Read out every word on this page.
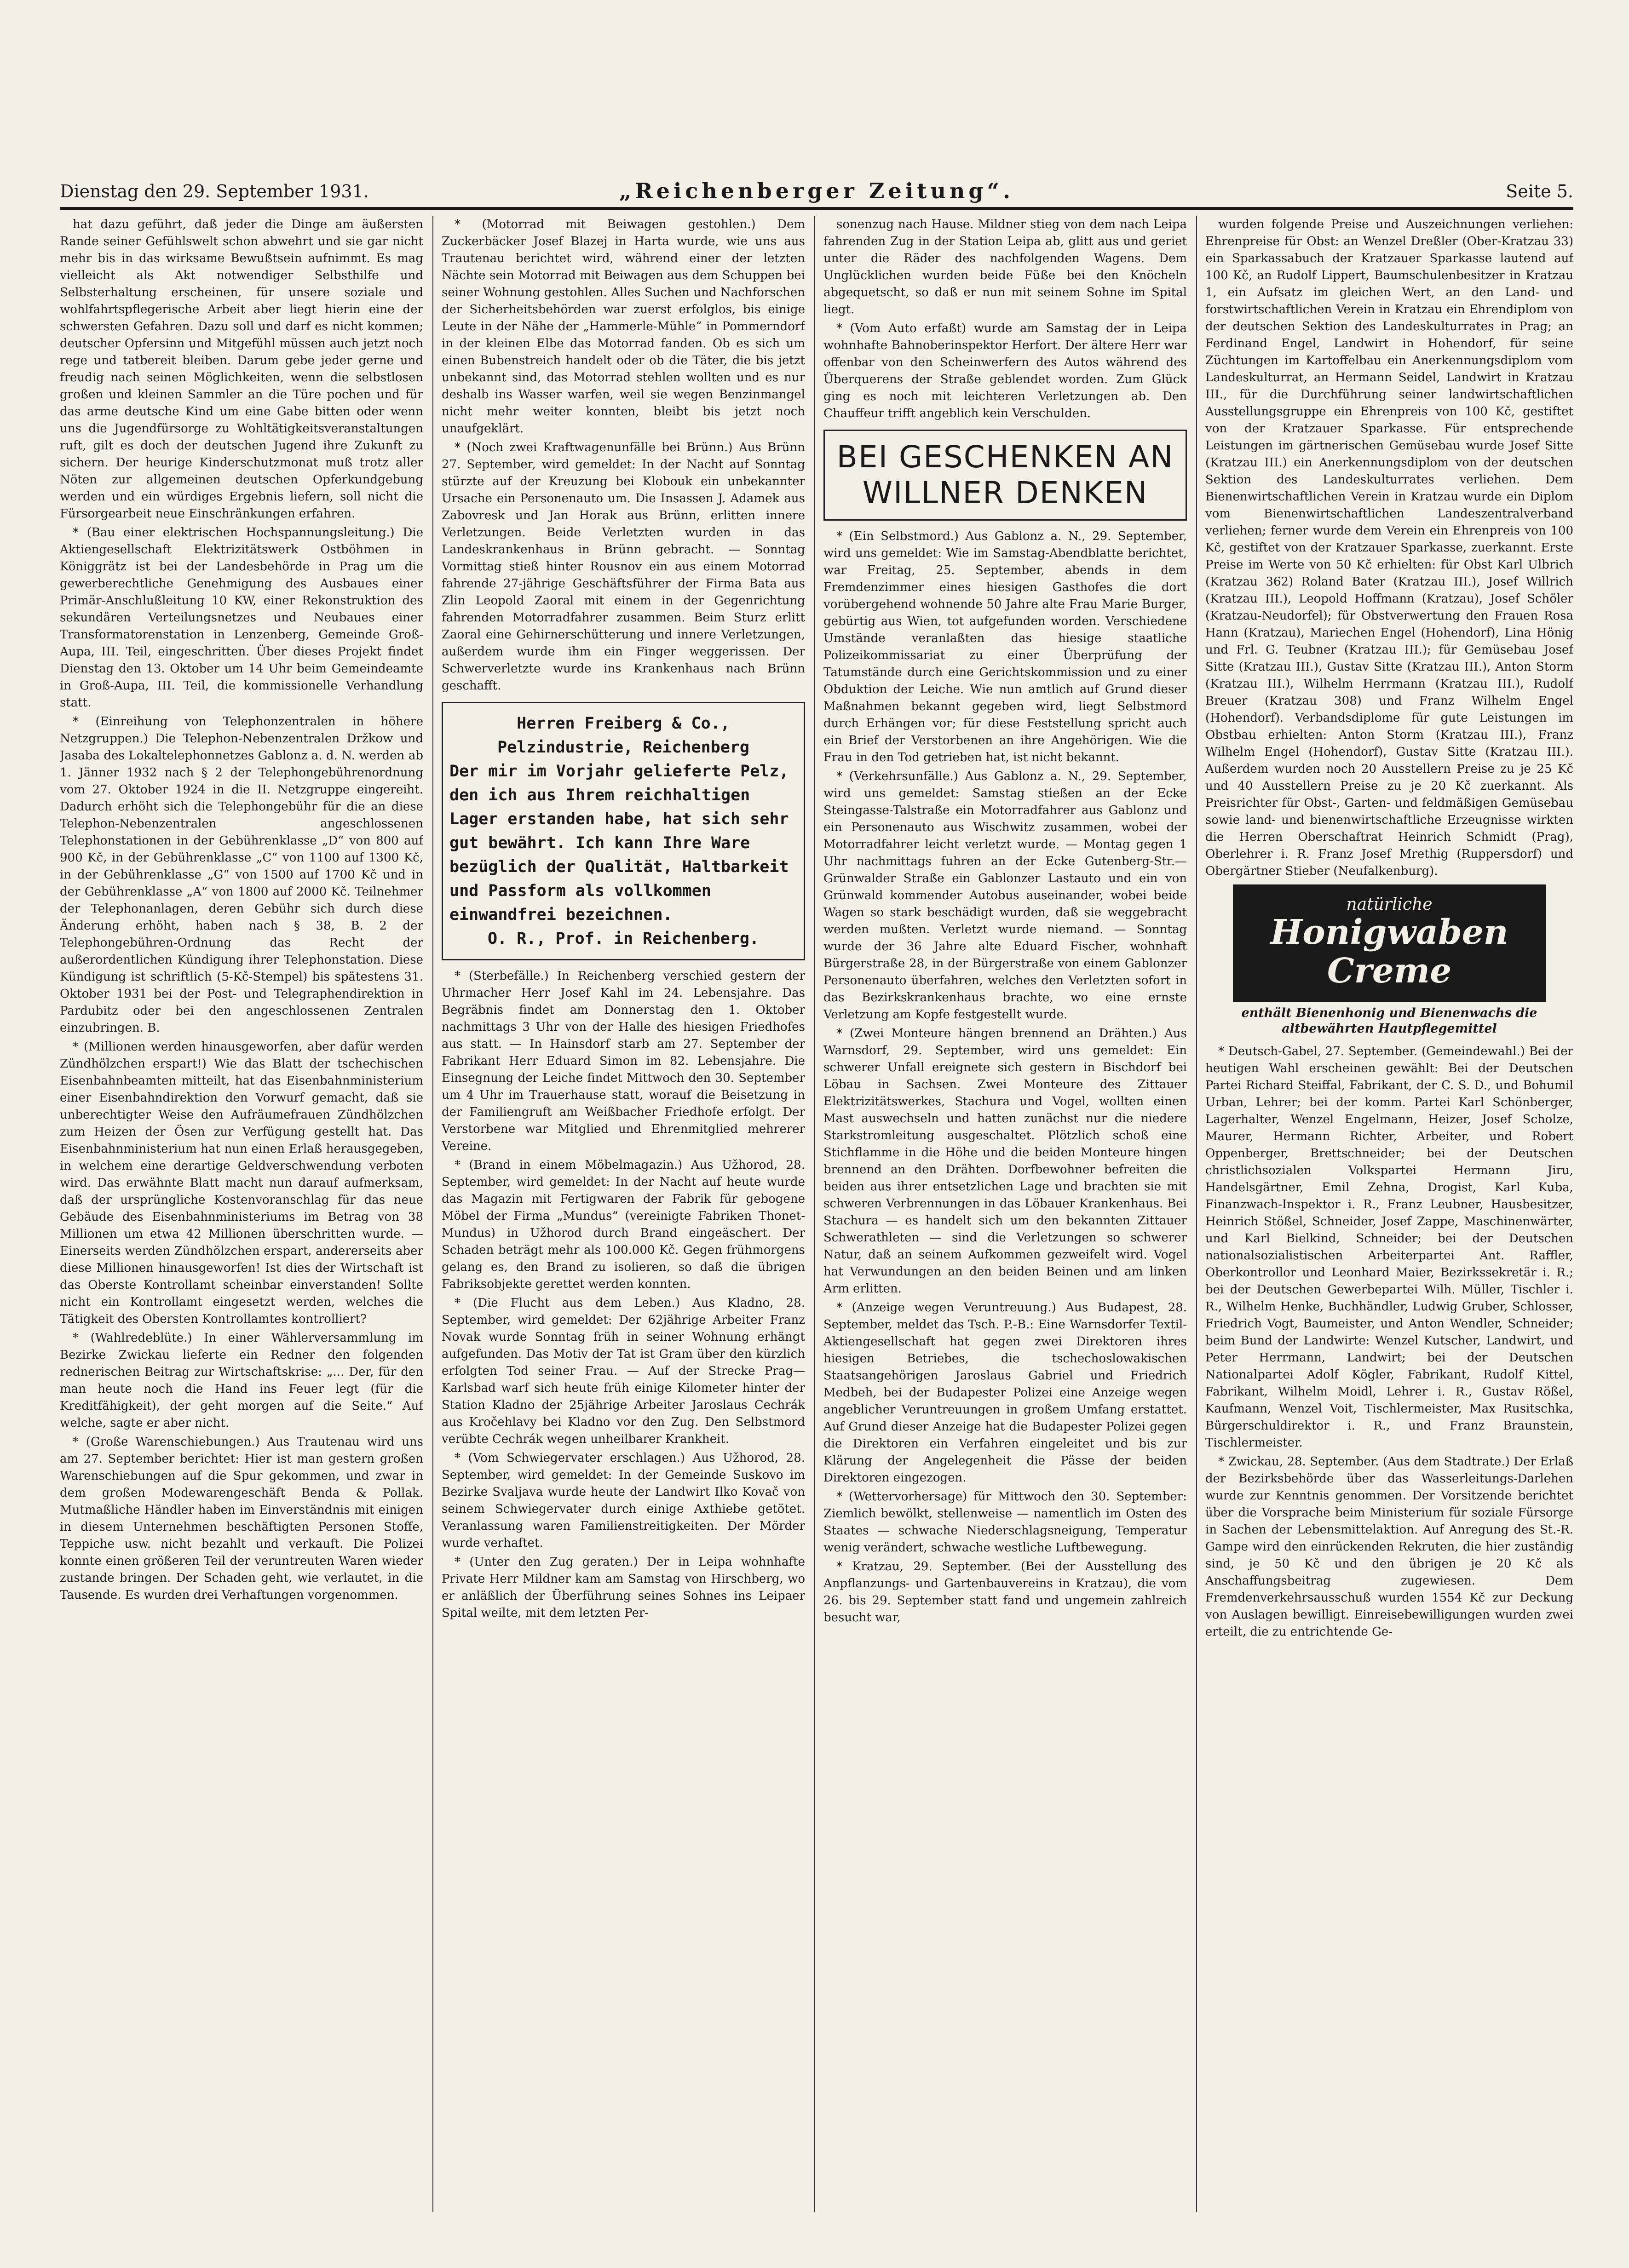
Dienstag den 29. September 1931.	„Reichenberger Zeitung“.	Seite 5.

hat dazu geführt, daß jeder die Dinge am äußersten Rande seiner Gefühlswelt schon abwehrt und sie gar nicht mehr bis in das wirksame Bewußtsein aufnimmt. Es mag vielleicht als Akt notwendiger Selbsthilfe und Selbsterhaltung erscheinen, für unsere soziale und wohlfahrtspflegerische Arbeit aber liegt hierin eine der schwersten Gefahren. Dazu soll und darf es nicht kommen; deutscher Opfersinn und Mitgefühl müssen auch jetzt noch rege und tatbereit bleiben. Darum gebe jeder gerne und freudig nach seinen Möglichkeiten, wenn die selbstlosen großen und kleinen Sammler an die Türe pochen und für das arme deutsche Kind um eine Gabe bitten oder wenn uns die Jugendfürsorge zu Wohltätigkeitsveranstaltungen ruft, gilt es doch der deutschen Jugend ihre Zukunft zu sichern. Der heurige Kinderschutzmonat muß trotz aller Nöten zur allgemeinen deutschen Opferkundgebung werden und ein würdiges Ergebnis liefern, soll nicht die Fürsorgearbeit neue Einschränkungen erfahren.

* (Bau einer elektrischen Hochspannungsleitung.) Die Aktiengesellschaft Elektrizitätswerk Ostböhmen in Königgrätz ist bei der Landesbehörde in Prag um die gewerberechtliche Genehmigung des Ausbaues einer Primär-Anschlußleitung 10 KW, einer Rekonstruktion des sekundären Verteilungsnetzes und Neubaues einer Transformatorenstation in Lenzenberg, Gemeinde Groß-Aupa, III. Teil, eingeschritten. Über dieses Projekt findet Dienstag den 13. Oktober um 14 Uhr beim Gemeindeamte in Groß-Aupa, III. Teil, die kommissionelle Verhandlung statt.

* (Einreihung von Telephonzentralen in höhere Netzgruppen.) Die Telephon-Nebenzentralen Držkow und Jasaba des Lokaltelephonnetzes Gablonz a. d. N. werden ab 1. Jänner 1932 nach § 2 der Telephongebührenordnung vom 27. Oktober 1924 in die II. Netzgruppe eingereiht. Dadurch erhöht sich die Telephongebühr für die an diese Telephon-Nebenzentralen angeschlossenen Telephonstationen in der Gebührenklasse „D“ von 800 auf 900 Kč, in der Gebührenklasse „C“ von 1100 auf 1300 Kč, in der Gebührenklasse „G“ von 1500 auf 1700 Kč und in der Gebührenklasse „A“ von 1800 auf 2000 Kč. Teilnehmer der Telephonanlagen, deren Gebühr sich durch diese Änderung erhöht, haben nach § 38, B. 2 der Telephongebühren-Ordnung das Recht der außerordentlichen Kündigung ihrer Telephonstation. Diese Kündigung ist schriftlich (5-Kč-Stempel) bis spätestens 31. Oktober 1931 bei der Post- und Telegraphendirektion in Pardubitz oder bei den angeschlossenen Zentralen einzubringen. B.

* (Millionen werden hinausgeworfen, aber dafür werden Zündhölzchen erspart!) Wie das Blatt der tschechischen Eisenbahnbeamten mitteilt, hat das Eisenbahnministerium einer Eisenbahndirektion den Vorwurf gemacht, daß sie unberechtigter Weise den Aufräumefrauen Zündhölzchen zum Heizen der Ösen zur Verfügung gestellt hat. Das Eisenbahnministerium hat nun einen Erlaß herausgegeben, in welchem eine derartige Geldverschwendung verboten wird. Das erwähnte Blatt macht nun darauf aufmerksam, daß der ursprüngliche Kostenvoranschlag für das neue Gebäude des Eisenbahnministeriums im Betrag von 38 Millionen um etwa 42 Millionen überschritten wurde. — Einerseits werden Zündhölzchen erspart, andererseits aber diese Millionen hinausgeworfen! Ist dies der Wirtschaft ist das Oberste Kontrollamt scheinbar einverstanden! Sollte nicht ein Kontrollamt eingesetzt werden, welches die Tätigkeit des Obersten Kontrollamtes kontrolliert?

* (Wahlredeblüte.) In einer Wählerversammlung im Bezirke Zwickau lieferte ein Redner den folgenden rednerischen Beitrag zur Wirtschaftskrise: „... Der, für den man heute noch die Hand ins Feuer legt (für die Kreditfähigkeit), der geht morgen auf die Seite.“ Auf welche, sagte er aber nicht.

* (Große Warenschiebungen.) Aus Trautenau wird uns am 27. September berichtet: Hier ist man gestern großen Warenschiebungen auf die Spur gekommen, und zwar in dem großen Modewarengeschäft Benda & Pollak. Mutmaßliche Händler haben im Einverständnis mit einigen in diesem Unternehmen beschäftigten Personen Stoffe, Teppiche usw. nicht bezahlt und verkauft. Die Polizei konnte einen größeren Teil der veruntreuten Waren wieder zustande bringen. Der Schaden geht, wie verlautet, in die Tausende. Es wurden drei Verhaftungen vorgenommen.

* (Motorrad mit Beiwagen gestohlen.) Dem Zuckerbäcker Josef Blazej in Harta wurde, wie uns aus Trautenau berichtet wird, während einer der letzten Nächte sein Motorrad mit Beiwagen aus dem Schuppen bei seiner Wohnung gestohlen. Alles Suchen und Nachforschen der Sicherheitsbehörden war zuerst erfolglos, bis einige Leute in der Nähe der „Hammerle-Mühle“ in Pommerndorf in der kleinen Elbe das Motorrad fanden. Ob es sich um einen Bubenstreich handelt oder ob die Täter, die bis jetzt unbekannt sind, das Motorrad stehlen wollten und es nur deshalb ins Wasser warfen, weil sie wegen Benzinmangel nicht mehr weiter konnten, bleibt bis jetzt noch unaufgeklärt.

* (Noch zwei Kraftwagenunfälle bei Brünn.) Aus Brünn 27. September, wird gemeldet: In der Nacht auf Sonntag stürzte auf der Kreuzung bei Klobouk ein unbekannter Ursache ein Personenauto um. Die Insassen J. Adamek aus Zabovresk und Jan Horak aus Brünn, erlitten innere Verletzungen. Beide Verletzten wurden in das Landeskrankenhaus in Brünn gebracht. — Sonntag Vormittag stieß hinter Rousnov ein aus einem Motorrad fahrende 27-jährige Geschäftsführer der Firma Bata aus Zlin Leopold Zaoral mit einem in der Gegenrichtung fahrenden Motorradfahrer zusammen. Beim Sturz erlitt Zaoral eine Gehirnerschütterung und innere Verletzungen, außerdem wurde ihm ein Finger weggerissen. Der Schwerverletzte wurde ins Krankenhaus nach Brünn geschafft.

Herren Freiberg & Co., Pelzindustrie, Reichenberg
Der mir im Vorjahr gelieferte Pelz, den ich aus Ihrem reichhaltigen Lager erstanden habe, hat sich sehr gut bewährt. Ich kann Ihre Ware bezüglich der Qualität, Haltbarkeit und Passform als vollkommen einwandfrei bezeichnen.
O. R., Prof. in Reichenberg.

* (Sterbefälle.) In Reichenberg verschied gestern der Uhrmacher Herr Josef Kahl im 24. Lebensjahre. Das Begräbnis findet am Donnerstag den 1. Oktober nachmittags 3 Uhr von der Halle des hiesigen Friedhofes aus statt. — In Hainsdorf starb am 27. September der Fabrikant Herr Eduard Simon im 82. Lebensjahre. Die Einsegnung der Leiche findet Mittwoch den 30. September um 4 Uhr im Trauerhause statt, worauf die Beisetzung in der Familiengruft am Weißbacher Friedhofe erfolgt. Der Verstorbene war Mitglied und Ehrenmitglied mehrerer Vereine.

* (Brand in einem Möbelmagazin.) Aus Užhorod, 28. September, wird gemeldet: In der Nacht auf heute wurde das Magazin mit Fertigwaren der Fabrik für gebogene Möbel der Firma „Mundus“ (vereinigte Fabriken Thonet-Mundus) in Užhorod durch Brand eingeäschert. Der Schaden beträgt mehr als 100.000 Kč. Gegen frühmorgens gelang es, den Brand zu isolieren, so daß die übrigen Fabriksobjekte gerettet werden konnten.

* (Die Flucht aus dem Leben.) Aus Kladno, 28. September, wird gemeldet: Der 62jährige Arbeiter Franz Novak wurde Sonntag früh in seiner Wohnung erhängt aufgefunden. Das Motiv der Tat ist Gram über den kürzlich erfolgten Tod seiner Frau. — Auf der Strecke Prag—Karlsbad warf sich heute früh einige Kilometer hinter der Station Kladno der 25jährige Arbeiter Jaroslaus Cechrák aus Kročehlavy bei Kladno vor den Zug. Den Selbstmord verübte Cechrák wegen unheilbarer Krankheit.

* (Vom Schwiegervater erschlagen.) Aus Užhorod, 28. September, wird gemeldet: In der Gemeinde Suskovo im Bezirke Svaljava wurde heute der Landwirt Ilko Kovač von seinem Schwiegervater durch einige Axthiebe getötet. Veranlassung waren Familienstreitigkeiten. Der Mörder wurde verhaftet.

* (Unter den Zug geraten.) Der in Leipa wohnhafte Private Herr Mildner kam am Samstag von Hirschberg, wo er anläßlich der Überführung seines Sohnes ins Leipaer Spital weilte, mit dem letzten Per-

sonenzug nach Hause. Mildner stieg von dem nach Leipa fahrenden Zug in der Station Leipa ab, glitt aus und geriet unter die Räder des nachfolgenden Wagens. Dem Unglücklichen wurden beide Füße bei den Knöcheln abgequetscht, so daß er nun mit seinem Sohne im Spital liegt.

* (Vom Auto erfaßt) wurde am Samstag der in Leipa wohnhafte Bahnoberinspektor Herfort. Der ältere Herr war offenbar von den Scheinwerfern des Autos während des Überquerens der Straße geblendet worden. Zum Glück ging es noch mit leichteren Verletzungen ab. Den Chauffeur trifft angeblich kein Verschulden.

BEI GESCHENKEN AN WILLNER DENKEN

* (Ein Selbstmord.) Aus Gablonz a. N., 29. September, wird uns gemeldet: Wie im Samstag-Abendblatte berichtet, war Freitag, 25. September, abends in dem Fremdenzimmer eines hiesigen Gasthofes die dort vorübergehend wohnende 50 Jahre alte Frau Marie Burger, gebürtig aus Wien, tot aufgefunden worden. Verschiedene Umstände veranlaßten das hiesige staatliche Polizeikommissariat zu einer Überprüfung der Tatumstände durch eine Gerichtskommission und zu einer Obduktion der Leiche. Wie nun amtlich auf Grund dieser Maßnahmen bekannt gegeben wird, liegt Selbstmord durch Erhängen vor; für diese Feststellung spricht auch ein Brief der Verstorbenen an ihre Angehörigen. Wie die Frau in den Tod getrieben hat, ist nicht bekannt.

* (Verkehrsunfälle.) Aus Gablonz a. N., 29. September, wird uns gemeldet: Samstag stießen an der Ecke Steingasse-Talstraße ein Motorradfahrer aus Gablonz und ein Personenauto aus Wischwitz zusammen, wobei der Motorradfahrer leicht verletzt wurde. — Montag gegen 1 Uhr nachmittags fuhren an der Ecke Gutenberg-Str.—Grünwalder Straße ein Gablonzer Lastauto und ein von Grünwald kommender Autobus auseinander, wobei beide Wagen so stark beschädigt wurden, daß sie weggebracht werden mußten. Verletzt wurde niemand. — Sonntag wurde der 36 Jahre alte Eduard Fischer, wohnhaft Bürgerstraße 28, in der Bürgerstraße von einem Gablonzer Personenauto überfahren, welches den Verletzten sofort in das Bezirkskrankenhaus brachte, wo eine ernste Verletzung am Kopfe festgestellt wurde.

* (Zwei Monteure hängen brennend an Drähten.) Aus Warnsdorf, 29. September, wird uns gemeldet: Ein schwerer Unfall ereignete sich gestern in Bischdorf bei Löbau in Sachsen. Zwei Monteure des Zittauer Elektrizitätswerkes, Stachura und Vogel, wollten einen Mast auswechseln und hatten zunächst nur die niedere Starkstromleitung ausgeschaltet. Plötzlich schoß eine Stichflamme in die Höhe und die beiden Monteure hingen brennend an den Drähten. Dorfbewohner befreiten die beiden aus ihrer entsetzlichen Lage und brachten sie mit schweren Verbrennungen in das Löbauer Krankenhaus. Bei Stachura — es handelt sich um den bekannten Zittauer Schwerathleten — sind die Verletzungen so schwerer Natur, daß an seinem Aufkommen gezweifelt wird. Vogel hat Verwundungen an den beiden Beinen und am linken Arm erlitten.

* (Anzeige wegen Veruntreuung.) Aus Budapest, 28. September, meldet das Tsch. P.-B.: Eine Warnsdorfer Textil-Aktiengesellschaft hat gegen zwei Direktoren ihres hiesigen Betriebes, die tschechoslowakischen Staatsangehörigen Jaroslaus Gabriel und Friedrich Medbeh, bei der Budapester Polizei eine Anzeige wegen angeblicher Veruntreuungen in großem Umfang erstattet. Auf Grund dieser Anzeige hat die Budapester Polizei gegen die Direktoren ein Verfahren eingeleitet und bis zur Klärung der Angelegenheit die Pässe der beiden Direktoren eingezogen.

* (Wettervorhersage) für Mittwoch den 30. September: Ziemlich bewölkt, stellenweise — namentlich im Osten des Staates — schwache Niederschlagsneigung, Temperatur wenig verändert, schwache westliche Luftbewegung.

* Kratzau, 29. September. (Bei der Ausstellung des Anpflanzungs- und Gartenbauvereins in Kratzau), die vom 26. bis 29. September statt fand und ungemein zahlreich besucht war,

wurden folgende Preise und Auszeichnungen verliehen: Ehrenpreise für Obst: an Wenzel Dreßler (Ober-Kratzau 33) ein Sparkassabuch der Kratzauer Sparkasse lautend auf 100 Kč, an Rudolf Lippert, Baumschulenbesitzer in Kratzau 1, ein Aufsatz im gleichen Wert, an den Land- und forstwirtschaftlichen Verein in Kratzau ein Ehrendiplom von der deutschen Sektion des Landeskulturrates in Prag; an Ferdinand Engel, Landwirt in Hohendorf, für seine Züchtungen im Kartoffelbau ein Anerkennungsdiplom vom Landeskulturrat, an Hermann Seidel, Landwirt in Kratzau III., für die Durchführung seiner landwirtschaftlichen Ausstellungsgruppe ein Ehrenpreis von 100 Kč, gestiftet von der Kratzauer Sparkasse. Für entsprechende Leistungen im gärtnerischen Gemüsebau wurde Josef Sitte (Kratzau III.) ein Anerkennungsdiplom von der deutschen Sektion des Landeskulturrates verliehen. Dem Bienenwirtschaftlichen Verein in Kratzau wurde ein Diplom vom Bienenwirtschaftlichen Landeszentralverband verliehen; ferner wurde dem Verein ein Ehrenpreis von 100 Kč, gestiftet von der Kratzauer Sparkasse, zuerkannt. Erste Preise im Werte von 50 Kč erhielten: für Obst Karl Ulbrich (Kratzau 362) Roland Bater (Kratzau III.), Josef Willrich (Kratzau III.), Leopold Hoffmann (Kratzau), Josef Schöler (Kratzau-Neudorfel); für Obstverwertung den Frauen Rosa Hann (Kratzau), Mariechen Engel (Hohendorf), Lina Hönig und Frl. G. Teubner (Kratzau III.); für Gemüsebau Josef Sitte (Kratzau III.), Gustav Sitte (Kratzau III.), Anton Storm (Kratzau III.), Wilhelm Herrmann (Kratzau III.), Rudolf Breuer (Kratzau 308) und Franz Wilhelm Engel (Hohendorf). Verbandsdiplome für gute Leistungen im Obstbau erhielten: Anton Storm (Kratzau III.), Franz Wilhelm Engel (Hohendorf), Gustav Sitte (Kratzau III.). Außerdem wurden noch 20 Ausstellern Preise zu je 25 Kč und 40 Ausstellern Preise zu je 20 Kč zuerkannt. Als Preisrichter für Obst-, Garten- und feldmäßigen Gemüsebau sowie land- und bienenwirtschaftliche Erzeugnisse wirkten die Herren Oberschaftrat Heinrich Schmidt (Prag), Oberlehrer i. R. Franz Josef Mrethig (Ruppersdorf) und Obergärtner Stieber (Neufalkenburg).

natürliche
Honigwaben Creme
enthält Bienenhonig und Bienenwachs die altbewährten Hautpflegemittel

* Deutsch-Gabel, 27. September. (Gemeindewahl.) Bei der heutigen Wahl erscheinen gewählt: Bei der Deutschen Partei Richard Steiffal, Fabrikant, der C. S. D., und Bohumil Urban, Lehrer; bei der komm. Partei Karl Schönberger, Lagerhalter, Wenzel Engelmann, Heizer, Josef Scholze, Maurer, Hermann Richter, Arbeiter, und Robert Oppenberger, Brettschneider; bei der Deutschen christlichsozialen Volkspartei Hermann Jiru, Handelsgärtner, Emil Zehna, Drogist, Karl Kuba, Finanzwach-Inspektor i. R., Franz Leubner, Hausbesitzer, Heinrich Stößel, Schneider, Josef Zappe, Maschinenwärter, und Karl Bielkind, Schneider; bei der Deutschen nationalsozialistischen Arbeiterpartei Ant. Raffler, Oberkontrollor und Leonhard Maier, Bezirkssekretär i. R.; bei der Deutschen Gewerbepartei Wilh. Müller, Tischler i. R., Wilhelm Henke, Buchhändler, Ludwig Gruber, Schlosser, Friedrich Vogt, Baumeister, und Anton Wendler, Schneider; beim Bund der Landwirte: Wenzel Kutscher, Landwirt, und Peter Herrmann, Landwirt; bei der Deutschen Nationalpartei Adolf Kögler, Fabrikant, Rudolf Kittel, Fabrikant, Wilhelm Moidl, Lehrer i. R., Gustav Rößel, Kaufmann, Wenzel Voit, Tischlermeister, Max Rusitschka, Bürgerschuldirektor i. R., und Franz Braunstein, Tischlermeister.

* Zwickau, 28. September. (Aus dem Stadtrate.) Der Erlaß der Bezirksbehörde über das Wasserleitungs-Darlehen wurde zur Kenntnis genommen. Der Vorsitzende berichtet über die Vorsprache beim Ministerium für soziale Fürsorge in Sachen der Lebensmittelaktion. Auf Anregung des St.-R. Gampe wird den einrückenden Rekruten, die hier zuständig sind, je 50 Kč und den übrigen je 20 Kč als Anschaffungsbeitrag zugewiesen. Dem Fremdenverkehrsausschuß wurden 1554 Kč zur Deckung von Auslagen bewilligt. Einreisebewilligungen wurden zwei erteilt, die zu entrichtende Ge-
